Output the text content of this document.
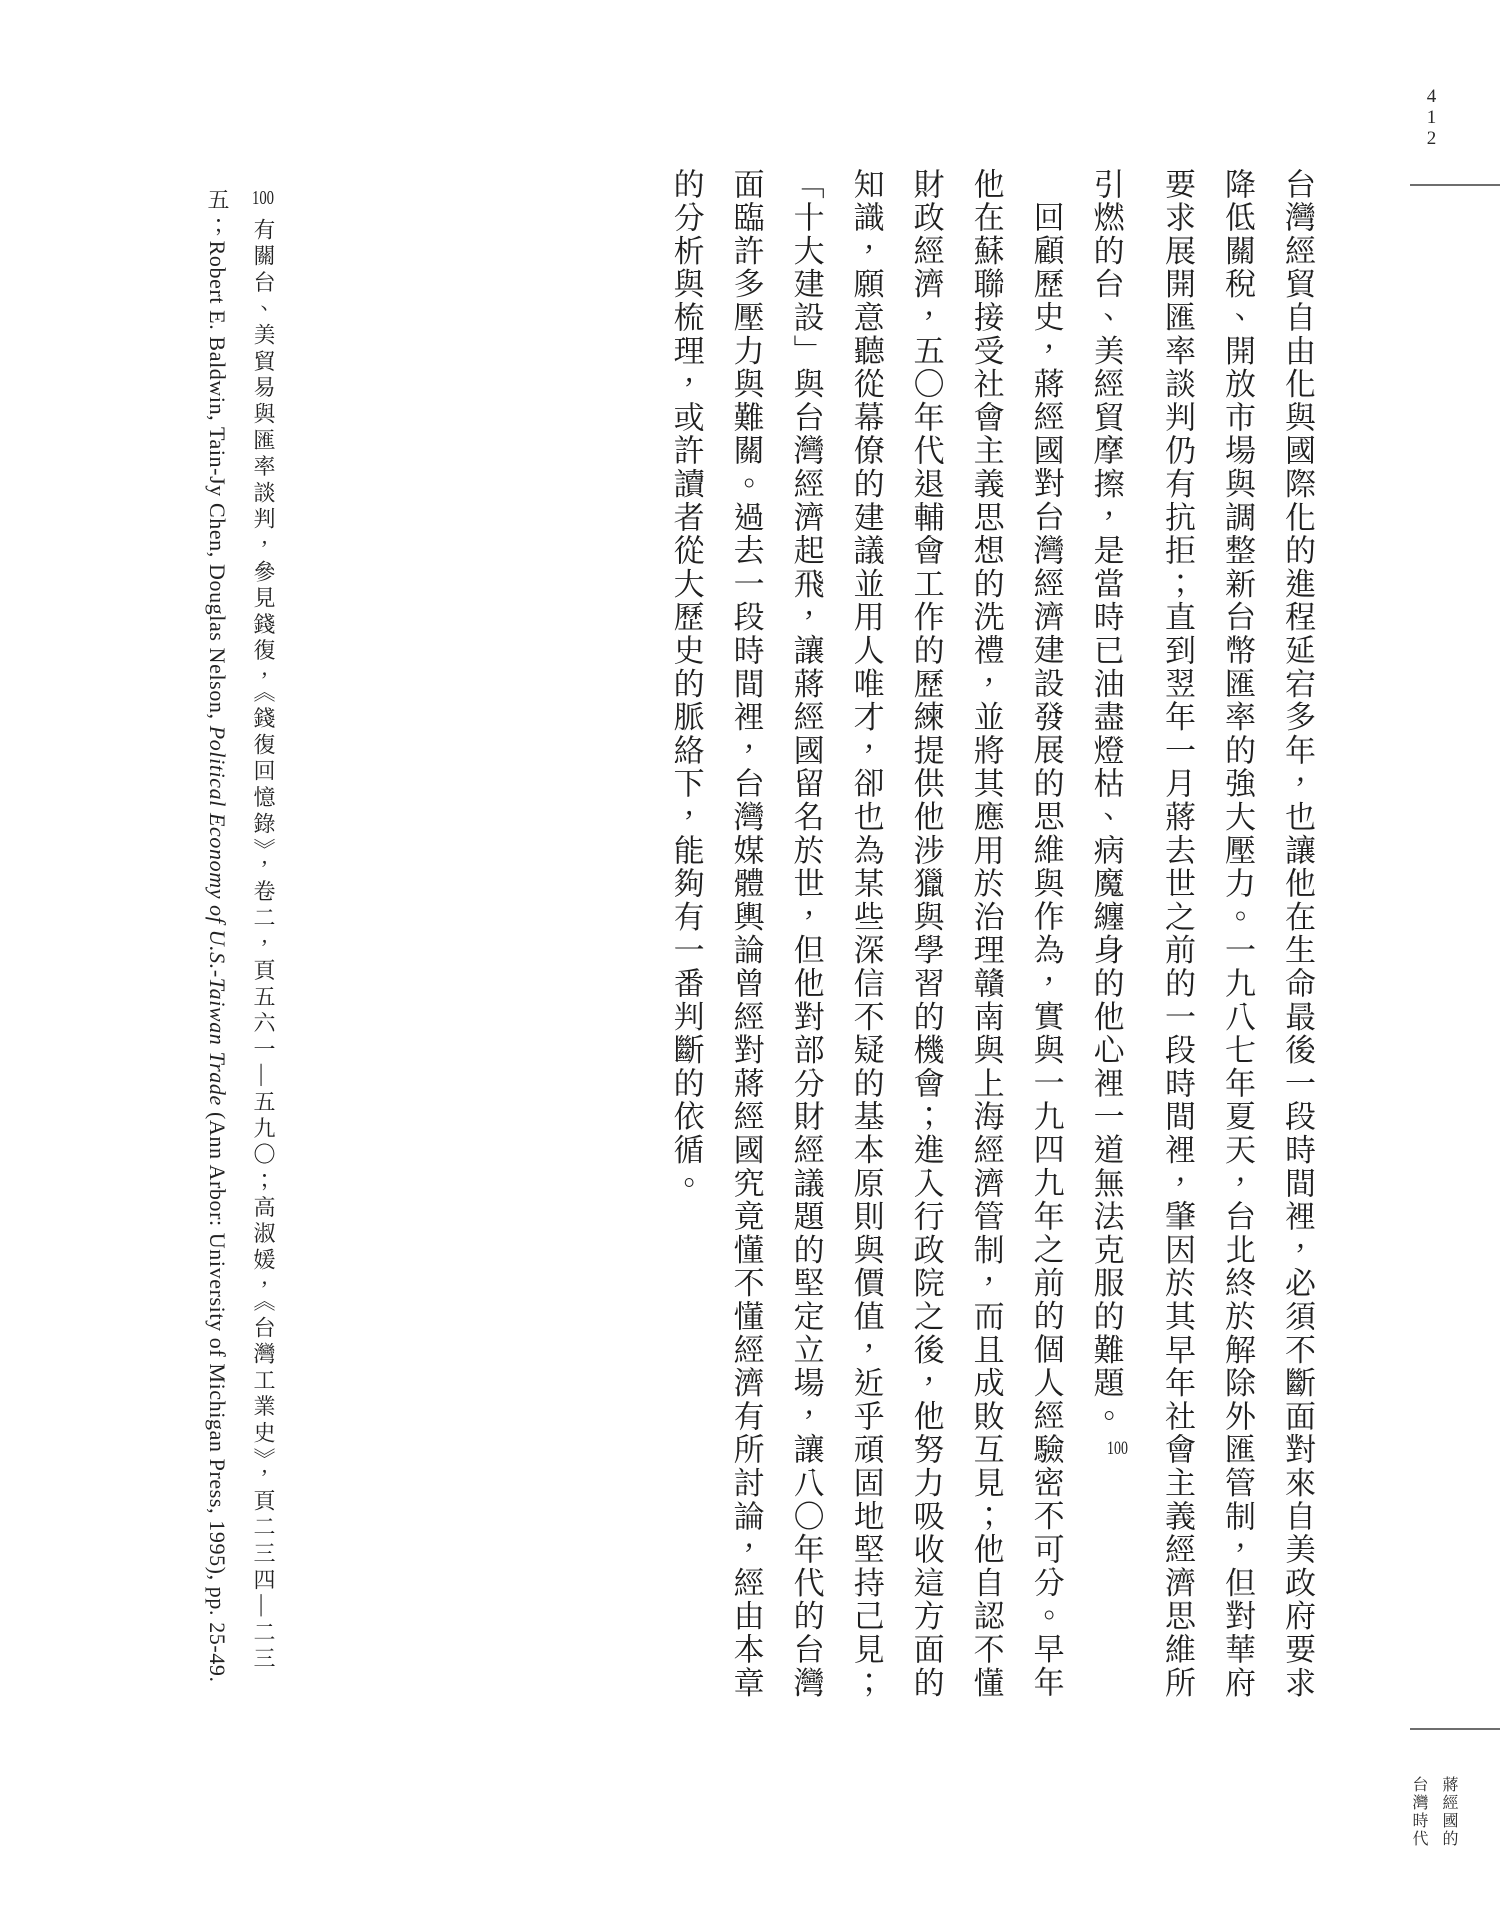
412

台灣經貿自由化與國際化的進程延宕多年，也讓他在生命最後一段時間裡，必須不斷面對來自美政府要求降低關稅、開放市場與調整新台幣匯率的強大壓力。一九八七年夏天，台北終於解除外匯管制，但對華府要求展開匯率談判仍有抗拒；直到翌年一月蔣去世之前的一段時間裡，肇因於其早年社會主義經濟思維所引燃的台、美經貿摩擦，是當時已油盡燈枯、病魔纏身的他心裡一道無法克服的難題。$^{100}$

回顧歷史，蔣經國對台灣經濟建設發展的思維與作為，實與一九四九年之前的個人經驗密不可分。早年他在蘇聯接受社會主義思想的洗禮，並將其應用於治理贛南與上海經濟管制，而且成敗互見；他自認不懂財政經濟，五〇年代退輔會工作的歷練提供他涉獵與學習的機會；進入行政院之後，他努力吸收這方面的知識，願意聽從幕僚的建議並用人唯才，卻也為某些深信不疑的基本原則與價值，近乎頑固地堅持己見；「十大建設」與台灣經濟起飛，讓蔣經國留名於世，但他對部分財經議題的堅定立場，讓八〇年代的台灣面臨許多壓力與難關。過去一段時間裡，台灣媒體輿論曾經對蔣經國究竟懂不懂經濟有所討論，經由本章的分析與梳理，或許讀者從大歷史的脈絡下，能夠有一番判斷的依循。

100有關台、美貿易與匯率談判，參見錢復，《錢復回憶錄》，卷二，頁五六一—五九〇；高淑媛，《台灣工業史》，頁二三四—二三
五；Robert E. Baldwin, Tain-Jy Chen, Douglas Nelson, Political Economy of U.S.-Taiwan Trade (Ann Arbor: University of Michigan Press, 1995), pp. 25-49.
蔣經國的
台灣時代
